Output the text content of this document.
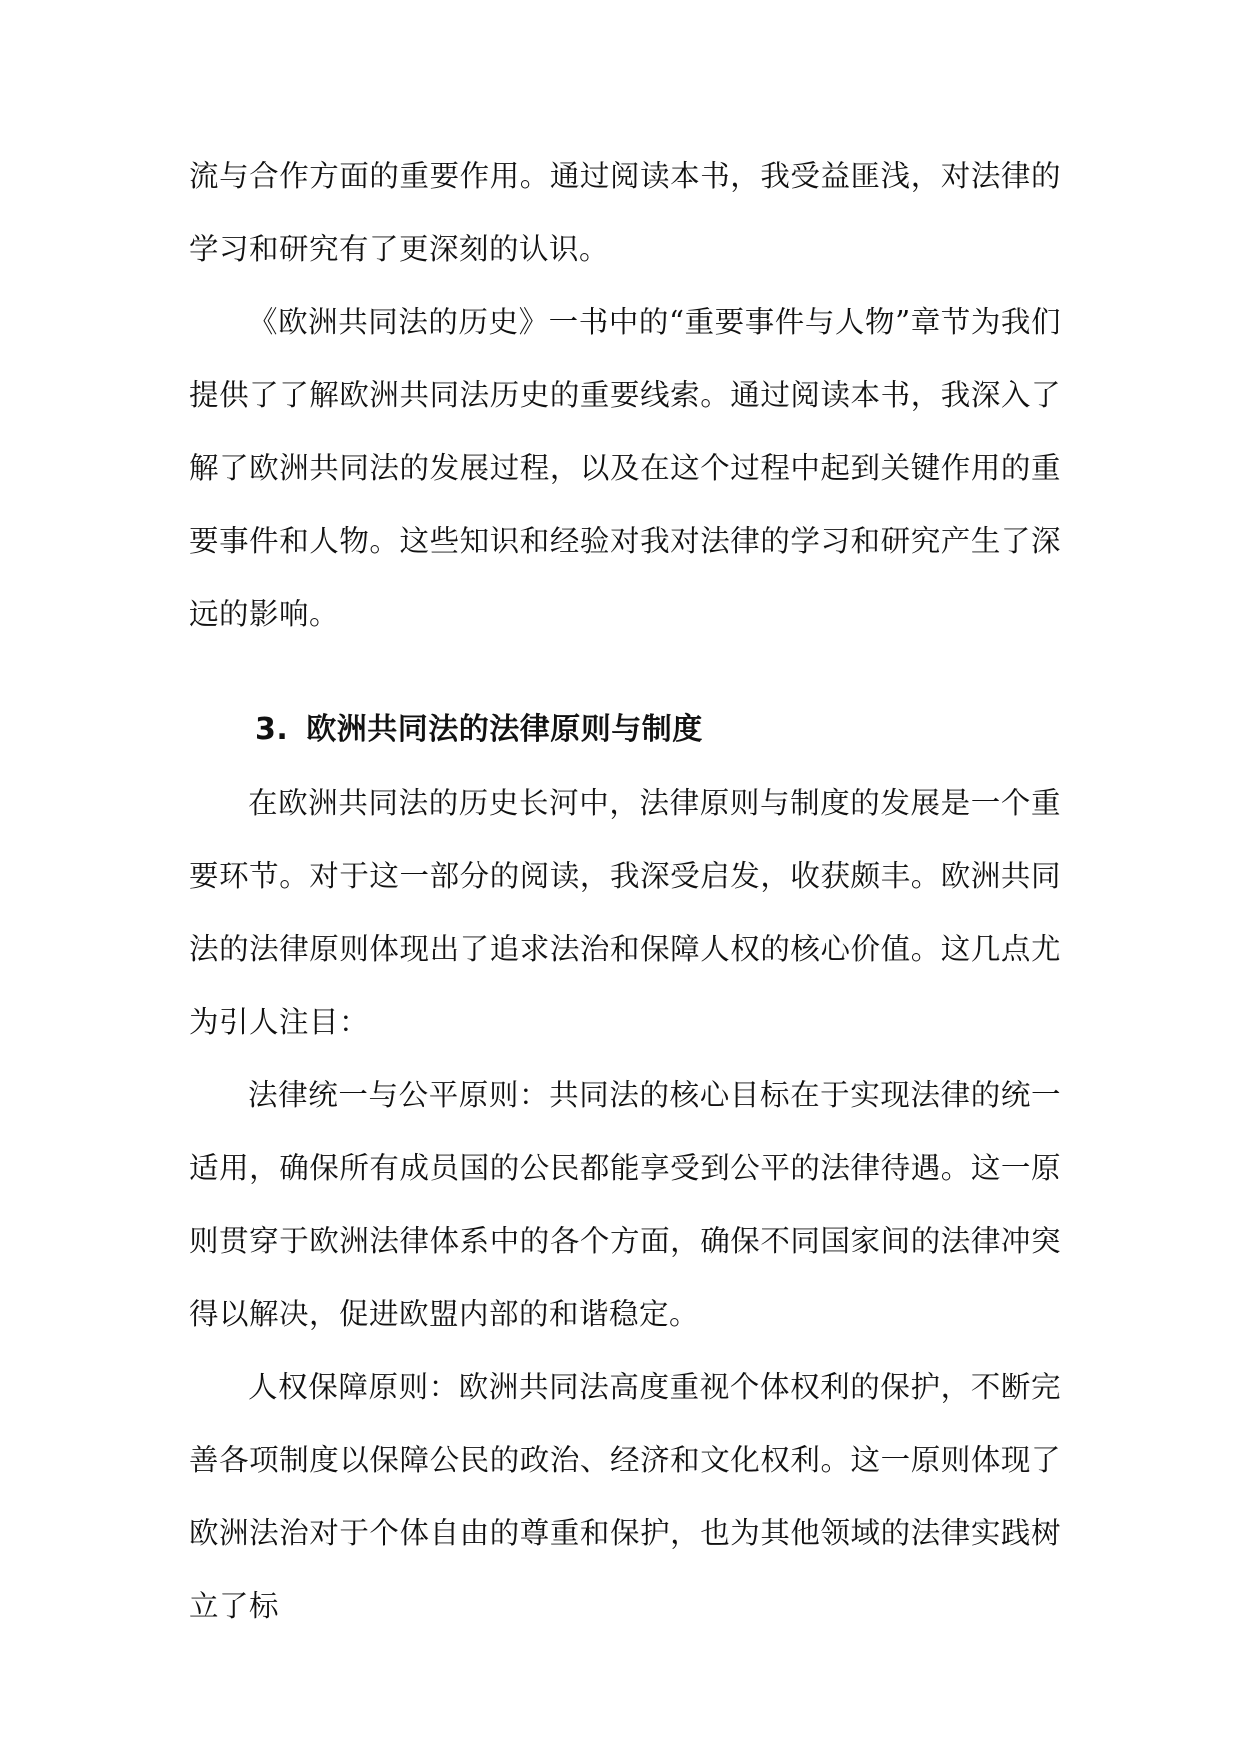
流与合作方面的重要作用。通过阅读本书，我受益匪浅，对法律的学习和研究有了更深刻的认识。

《欧洲共同法的历史》一书中的“重要事件与人物”章节为我们提供了了解欧洲共同法历史的重要线索。通过阅读本书，我深入了解了欧洲共同法的发展过程，以及在这个过程中起到关键作用的重要事件和人物。这些知识和经验对我对法律的学习和研究产生了深远的影响。

3. 欧洲共同法的法律原则与制度

在欧洲共同法的历史长河中，法律原则与制度的发展是一个重要环节。对于这一部分的阅读，我深受启发，收获颇丰。欧洲共同法的法律原则体现出了追求法治和保障人权的核心价值。这几点尤为引人注目：

法律统一与公平原则：共同法的核心目标在于实现法律的统一适用，确保所有成员国的公民都能享受到公平的法律待遇。这一原则贯穿于欧洲法律体系中的各个方面，确保不同国家间的法律冲突得以解决，促进欧盟内部的和谐稳定。

人权保障原则：欧洲共同法高度重视个体权利的保护，不断完善各项制度以保障公民的政治、经济和文化权利。这一原则体现了欧洲法治对于个体自由的尊重和保护，也为其他领域的法律实践树立了标
